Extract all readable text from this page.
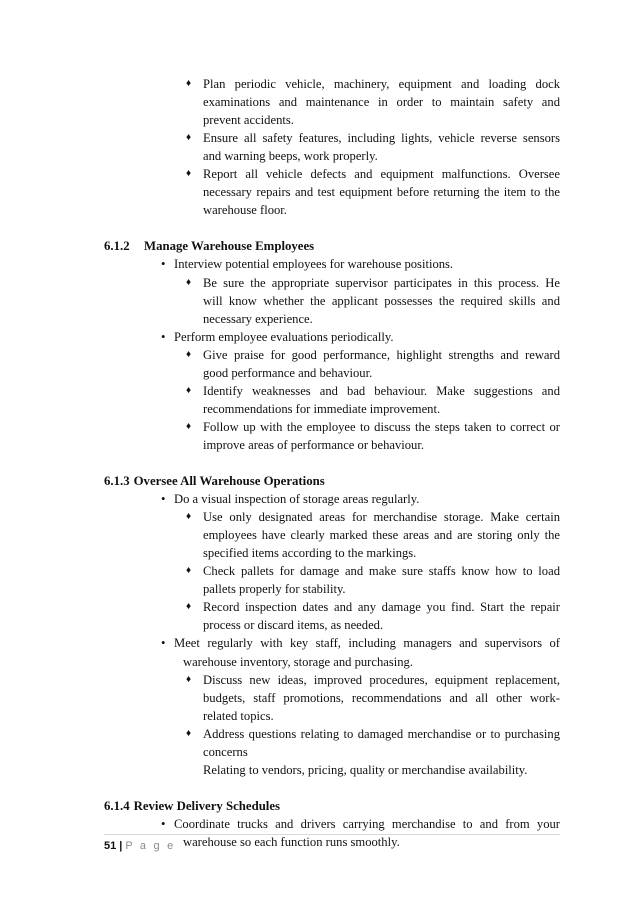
♦ Plan periodic vehicle, machinery, equipment and loading dock
examinations and maintenance in order to maintain safety and
prevent accidents.
♦ Ensure all safety features, including lights, vehicle reverse sensors
and warning beeps, work properly.
♦ Report all vehicle defects and equipment malfunctions. Oversee
necessary repairs and test equipment before returning the item to the
warehouse floor.
6.1.2 Manage Warehouse Employees
• Interview potential employees for warehouse positions.
♦ Be sure the appropriate supervisor participates in this process. He
will know whether the applicant possesses the required skills and
necessary experience.
• Perform employee evaluations periodically.
♦ Give praise for good performance, highlight strengths and reward
good performance and behaviour.
♦ Identify weaknesses and bad behaviour. Make suggestions and
recommendations for immediate improvement.
♦ Follow up with the employee to discuss the steps taken to correct or
improve areas of performance or behaviour.
6.1.3 Oversee All Warehouse Operations
• Do a visual inspection of storage areas regularly.
♦ Use only designated areas for merchandise storage. Make certain
employees have clearly marked these areas and are storing only the
specified items according to the markings.
♦ Check pallets for damage and make sure staffs know how to load
pallets properly for stability.
♦ Record inspection dates and any damage you find. Start the repair
process or discard items, as needed.
• Meet regularly with key staff, including managers and supervisors of
warehouse inventory, storage and purchasing.
♦ Discuss new ideas, improved procedures, equipment replacement,
budgets, staff promotions, recommendations and all other work-
related topics.
♦ Address questions relating to damaged merchandise or to purchasing
concerns
Relating to vendors, pricing, quality or merchandise availability.
6.1.4 Review Delivery Schedules
• Coordinate trucks and drivers carrying merchandise to and from your
warehouse so each function runs smoothly.
51 | P a g e
